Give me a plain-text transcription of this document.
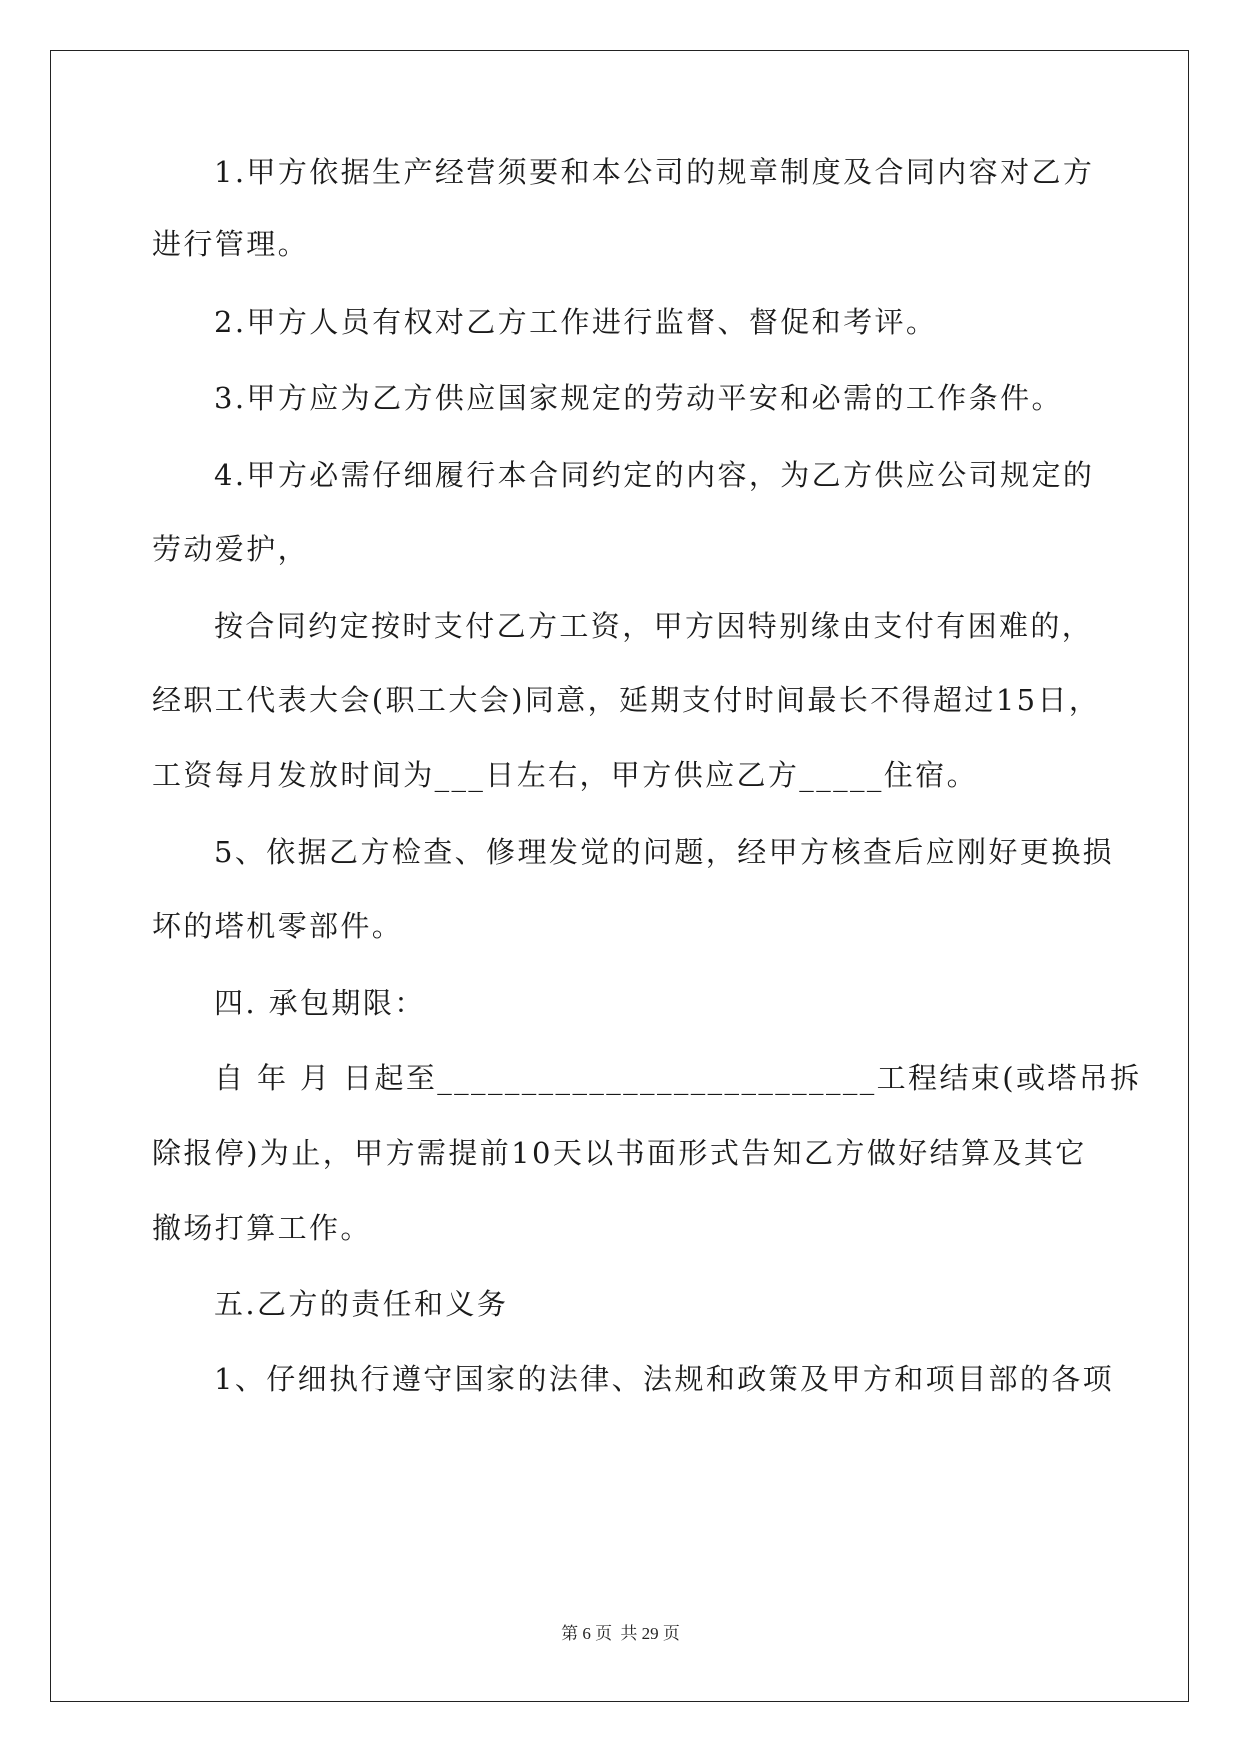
1.甲方依据生产经营须要和本公司的规章制度及合同内容对乙方
进行管理。
2.甲方人员有权对乙方工作进行监督、督促和考评。
3.甲方应为乙方供应国家规定的劳动平安和必需的工作条件。
4.甲方必需仔细履行本合同约定的内容，为乙方供应公司规定的
劳动爱护，
按合同约定按时支付乙方工资，甲方因特别缘由支付有困难的，
经职工代表大会(职工大会)同意，延期支付时间最长不得超过15日，
工资每月发放时间为___日左右，甲方供应乙方_____住宿。
5、依据乙方检查、修理发觉的问题，经甲方核查后应刚好更换损
坏的塔机零部件。
四. 承包期限：
自 年 月 日起至__________________________工程结束(或塔吊拆
除报停)为止，甲方需提前10天以书面形式告知乙方做好结算及其它
撤场打算工作。
五.乙方的责任和义务
1、仔细执行遵守国家的法律、法规和政策及甲方和项目部的各项
第 6 页 共 29 页
